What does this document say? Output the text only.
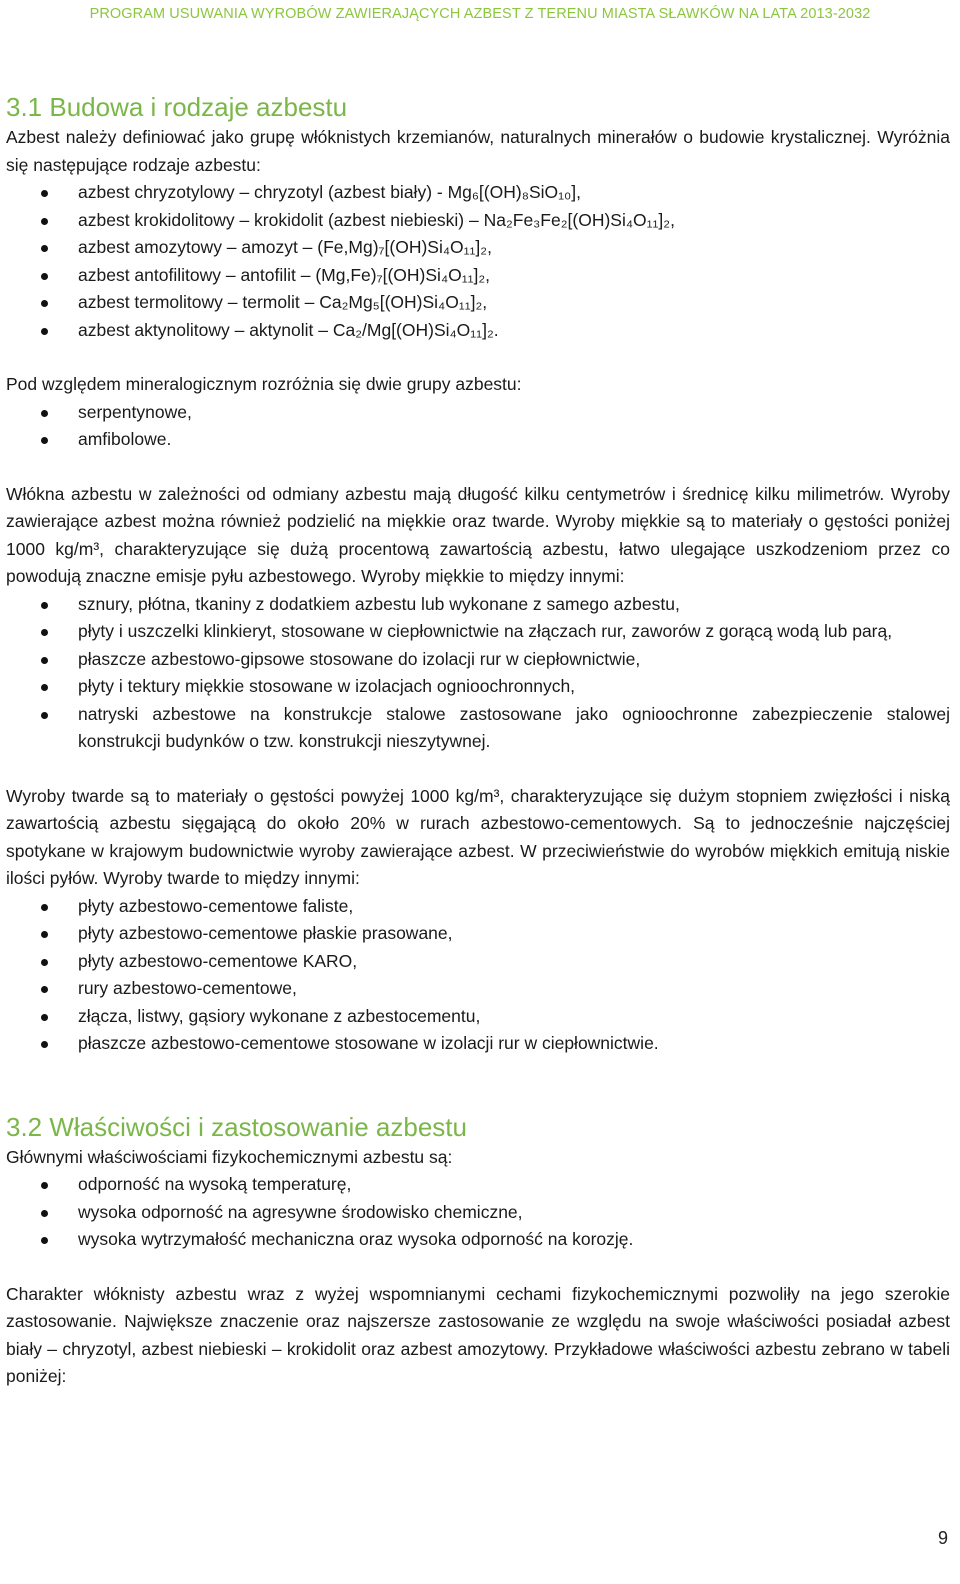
PROGRAM USUWANIA WYROBÓW ZAWIERAJĄCYCH AZBEST Z TERENU MIASTA SŁAWKÓW NA LATA 2013-2032
3.1 Budowa i rodzaje azbestu

Azbest należy definiować jako grupę włóknistych krzemianów, naturalnych minerałów o budowie krystalicznej. Wyróżnia się następujące rodzaje azbestu:

azbest chryzotylowy – chryzotyl (azbest biały) - Mg₆[(OH)₈SiO₁₀],
azbest krokidolitowy – krokidolit (azbest niebieski) – Na₂Fe₃Fe₂[(OH)Si₄O₁₁]₂,
azbest amozytowy – amozyt – (Fe,Mg)₇[(OH)Si₄O₁₁]₂,
azbest antofilitowy – antofilit – (Mg,Fe)₇[(OH)Si₄O₁₁]₂,
azbest termolitowy – termolit – Ca₂Mg₅[(OH)Si₄O₁₁]₂,
azbest aktynolitowy – aktynolit – Ca₂/Mg[(OH)Si₄O₁₁]₂.

Pod względem mineralogicznym rozróżnia się dwie grupy azbestu:

serpentynowe,
amfibolowe.

Włókna azbestu w zależności od odmiany azbestu mają długość kilku centymetrów i średnicę kilku milimetrów. Wyroby zawierające azbest można również podzielić na miękkie oraz twarde. Wyroby miękkie są to materiały o gęstości poniżej 1000 kg/m³, charakteryzujące się dużą procentową zawartością azbestu, łatwo ulegające uszkodzeniom przez co powodują znaczne emisje pyłu azbestowego. Wyroby miękkie to między innymi:

sznury, płótna, tkaniny z dodatkiem azbestu lub wykonane z samego azbestu,
płyty i uszczelki klinkieryt, stosowane w ciepłownictwie na złączach rur, zaworów z gorącą wodą lub parą,
płaszcze azbestowo-gipsowe stosowane do izolacji rur w ciepłownictwie,
płyty i tektury miękkie stosowane w izolacjach ognioochronnych,
natryski azbestowe na konstrukcje stalowe zastosowane jako ognioochronne zabezpieczenie stalowej konstrukcji budynków o tzw. konstrukcji nieszytywnej.

Wyroby twarde są to materiały o gęstości powyżej 1000 kg/m³, charakteryzujące się dużym stopniem zwięzłości i niską zawartością azbestu sięgającą do około 20% w rurach azbestowo-cementowych. Są to jednocześnie najczęściej spotykane w krajowym budownictwie wyroby zawierające azbest. W przeciwieństwie do wyrobów miękkich emitują niskie ilości pyłów. Wyroby twarde to między innymi:

płyty azbestowo-cementowe faliste,
płyty azbestowo-cementowe płaskie prasowane,
płyty azbestowo-cementowe KARO,
rury azbestowo-cementowe,
złącza, listwy, gąsiory wykonane z azbestocementu,
płaszcze azbestowo-cementowe stosowane w izolacji rur w ciepłownictwie.
3.2 Właściwości i zastosowanie azbestu

Głównymi właściwościami fizykochemicznymi azbestu są:

odporność na wysoką temperaturę,
wysoka odporność na agresywne środowisko chemiczne,
wysoka wytrzymałość mechaniczna oraz wysoka odporność na korozję.

Charakter włóknisty azbestu wraz z wyżej wspomnianymi cechami fizykochemicznymi pozwoliły na jego szerokie zastosowanie. Największe znaczenie oraz najszersze zastosowanie ze względu na swoje właściwości posiadał azbest biały – chryzotyl, azbest niebieski – krokidolit oraz azbest amozytowy. Przykładowe właściwości azbestu zebrano w tabeli poniżej:

9
